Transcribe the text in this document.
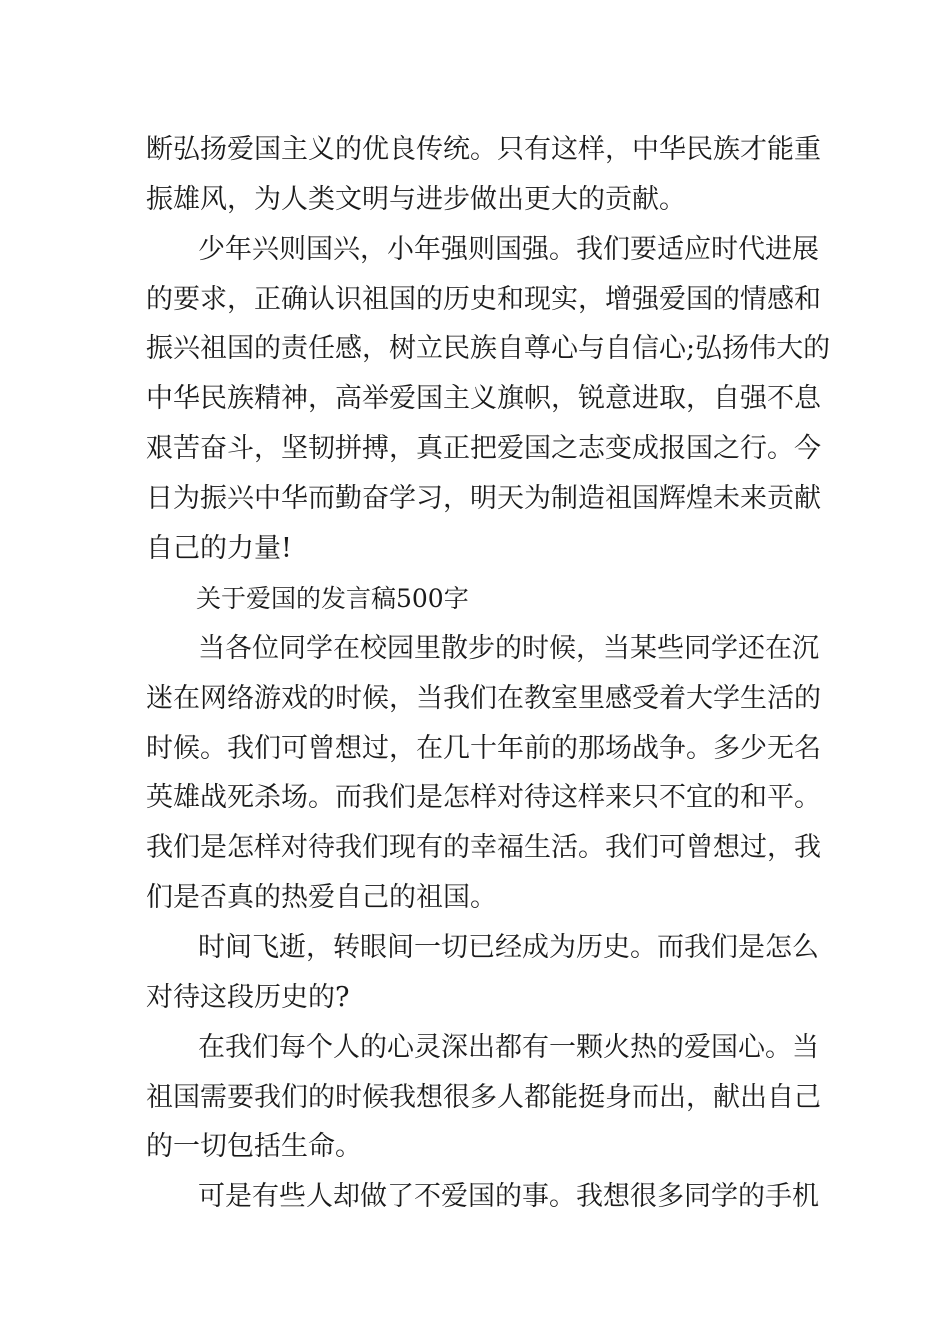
断弘扬爱国主义的优良传统。只有这样，中华民族才能重
振雄风，为人类文明与进步做出更大的贡献。
少年兴则国兴，小年强则国强。我们要适应时代进展
的要求，正确认识祖国的历史和现实，增强爱国的情感和
振兴祖国的责任感，树立民族自尊心与自信心;弘扬伟大的
中华民族精神，高举爱国主义旗帜，锐意进取，自强不息
艰苦奋斗，坚韧拼搏，真正把爱国之志变成报国之行。今
日为振兴中华而勤奋学习，明天为制造祖国辉煌未来贡献
自己的力量!
关于爱国的发言稿500字
当各位同学在校园里散步的时候，当某些同学还在沉
迷在网络游戏的时候，当我们在教室里感受着大学生活的
时候。我们可曾想过，在几十年前的那场战争。多少无名
英雄战死杀场。而我们是怎样对待这样来只不宜的和平。
我们是怎样对待我们现有的幸福生活。我们可曾想过，我
们是否真的热爱自己的祖国。
时间飞逝，转眼间一切已经成为历史。而我们是怎么
对待这段历史的?
在我们每个人的心灵深出都有一颗火热的爱国心。当
祖国需要我们的时候我想很多人都能挺身而出，献出自己
的一切包括生命。
可是有些人却做了不爱国的事。我想很多同学的手机
